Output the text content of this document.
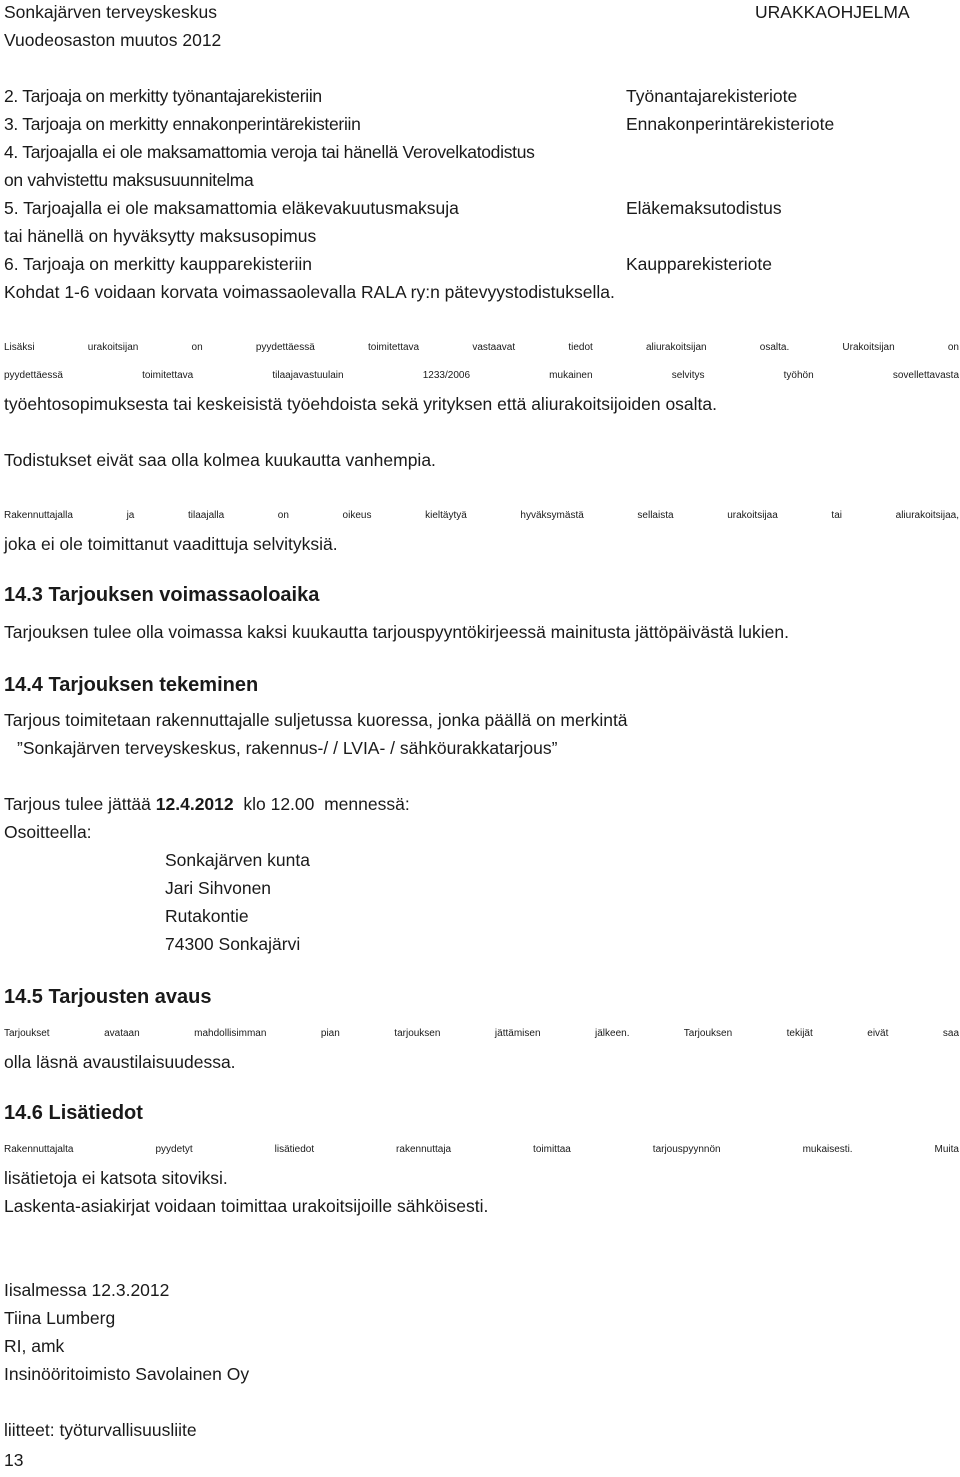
Sonkajärven terveyskeskus
Vuodeosaston muutos 2012
URAKKAOHJELMA
2. Tarjoaja on merkitty työnantajarekisteriin	Työnantajarekisteriote
3. Tarjoaja on merkitty ennakonperintärekisteriin	Ennakonperintärekisteriote
4. Tarjoajalla ei ole maksamattomia veroja tai hänellä Verovelkatodistus
on vahvistettu maksusuunnitelma
5. Tarjoajalla ei ole maksamattomia eläkevakuutusmaksuja	Eläkemaksutodistus
tai hänellä on hyväksytty maksusopimus
6. Tarjoaja on merkitty kaupparekisteriin	Kaupparekisteriote
Kohdat 1-6 voidaan korvata voimassaolevalla RALA ry:n pätevyystodistuksella.
Lisäksi urakoitsijan on pyydettäessä toimitettava vastaavat tiedot aliurakoitsijan osalta. Urakoitsijan on
pyydettäessä toimitettava tilaajavastuulain 1233/2006 mukainen selvitys työhön sovellettavasta
työehtosopimuksesta tai keskeisistä työehdoista sekä yrityksen että aliurakoitsijoiden osalta.
Todistukset eivät saa olla kolmea kuukautta vanhempia.
Rakennuttajalla ja tilaajalla on oikeus kieltäytyä hyväksymästä sellaista urakoitsijaa tai aliurakoitsijaa,
joka ei ole toimittanut vaadittuja selvityksiä.
14.3 Tarjouksen voimassaoloaika
Tarjouksen tulee olla voimassa kaksi kuukautta tarjouspyyntökirjeessä mainitusta jättöpäivästä lukien.
14.4 Tarjouksen tekeminen
Tarjous toimitetaan rakennuttajalle suljetussa kuoressa, jonka päällä on merkintä
”Sonkajärven terveyskeskus, rakennus-/ / LVIA- / sähköurakkatarjous”
Tarjous tulee jättää 12.4.2012  klo 12.00  mennessä:
Osoitteella:
Sonkajärven kunta
Jari Sihvonen
Rutakontie
74300 Sonkajärvi
14.5 Tarjousten avaus
Tarjoukset avataan mahdollisimman pian tarjouksen jättämisen jälkeen. Tarjouksen tekijät eivät saa
olla läsnä avaustilaisuudessa.
14.6 Lisätiedot
Rakennuttajalta pyydetyt lisätiedot rakennuttaja toimittaa tarjouspyynnön mukaisesti. Muita
lisätietoja ei katsota sitoviksi.
Laskenta-asiakirjat voidaan toimittaa urakoitsijoille sähköisesti.
Iisalmessa 12.3.2012
Tiina Lumberg
RI, amk
Insinööritoimisto Savolainen Oy
liitteet: työturvallisuusliite
13
